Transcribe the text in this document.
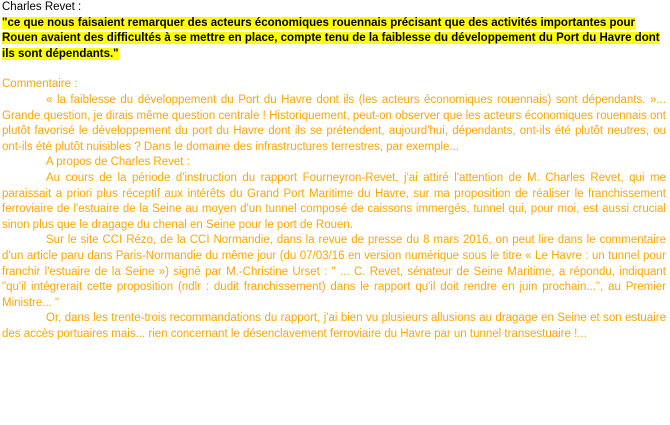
Charles Revet :

"ce que nous faisaient remarquer des acteurs économiques rouennais précisant que des activités importantes pour Rouen avaient des difficultés à se mettre en place, compte tenu de la faiblesse du développement du Port du Havre dont ils sont dépendants."

Commentaire :

« la faiblesse du développement du Port du Havre dont ils (les acteurs économiques rouennais) sont dépendants. »... Grande question, je dirais même question centrale ! Historiquement, peut-on observer que les acteurs économiques rouennais ont plutôt favorisé le développement du port du Havre dont ils se prétendent, aujourd'hui, dépendants, ont-ils été plutôt neutres, ou ont-ils été plutôt nuisibles ? Dans le domaine des infrastructures terrestres, par exemple...

A propos de Charles Revet :

Au cours de la période d'instruction du rapport Fourneyron-Revet, j'ai attiré l'attention de M. Charles Revet, qui me paraissait a priori plus réceptif aux intérêts du Grand Port Maritime du Havre, sur ma proposition de réaliser le franchissement ferroviaire de l'estuaire de la Seine au moyen d'un tunnel composé de caissons immergés, tunnel qui, pour moi, est aussi crucial sinon plus que le dragage du chenal en Seine pour le port de Rouen.

Sur le site CCI Rézo, de la CCI Normandie, dans la revue de presse du 8 mars 2016, on peut lire dans le commentaire d'un article paru dans Paris-Normandie du même jour (du 07/03/16 en version numérique sous le titre « Le Havre : un tunnel pour franchir l'estuaire de la Seine ») signé par M.-Christine Urset : " ... C. Revet, sénateur de Seine Maritime, a répondu, indiquant "qu'il intégrerait cette proposition (ndlr : dudit franchissement) dans le rapport qu'il doit rendre en juin prochain...", au Premier Ministre... "

Or, dans les trente-trois recommandations du rapport, j'ai bien vu plusieurs allusions au dragage en Seine et son estuaire des accès portuaires mais... rien concernant le désenclavement ferroviaire du Havre par un tunnel transestuaire !...
